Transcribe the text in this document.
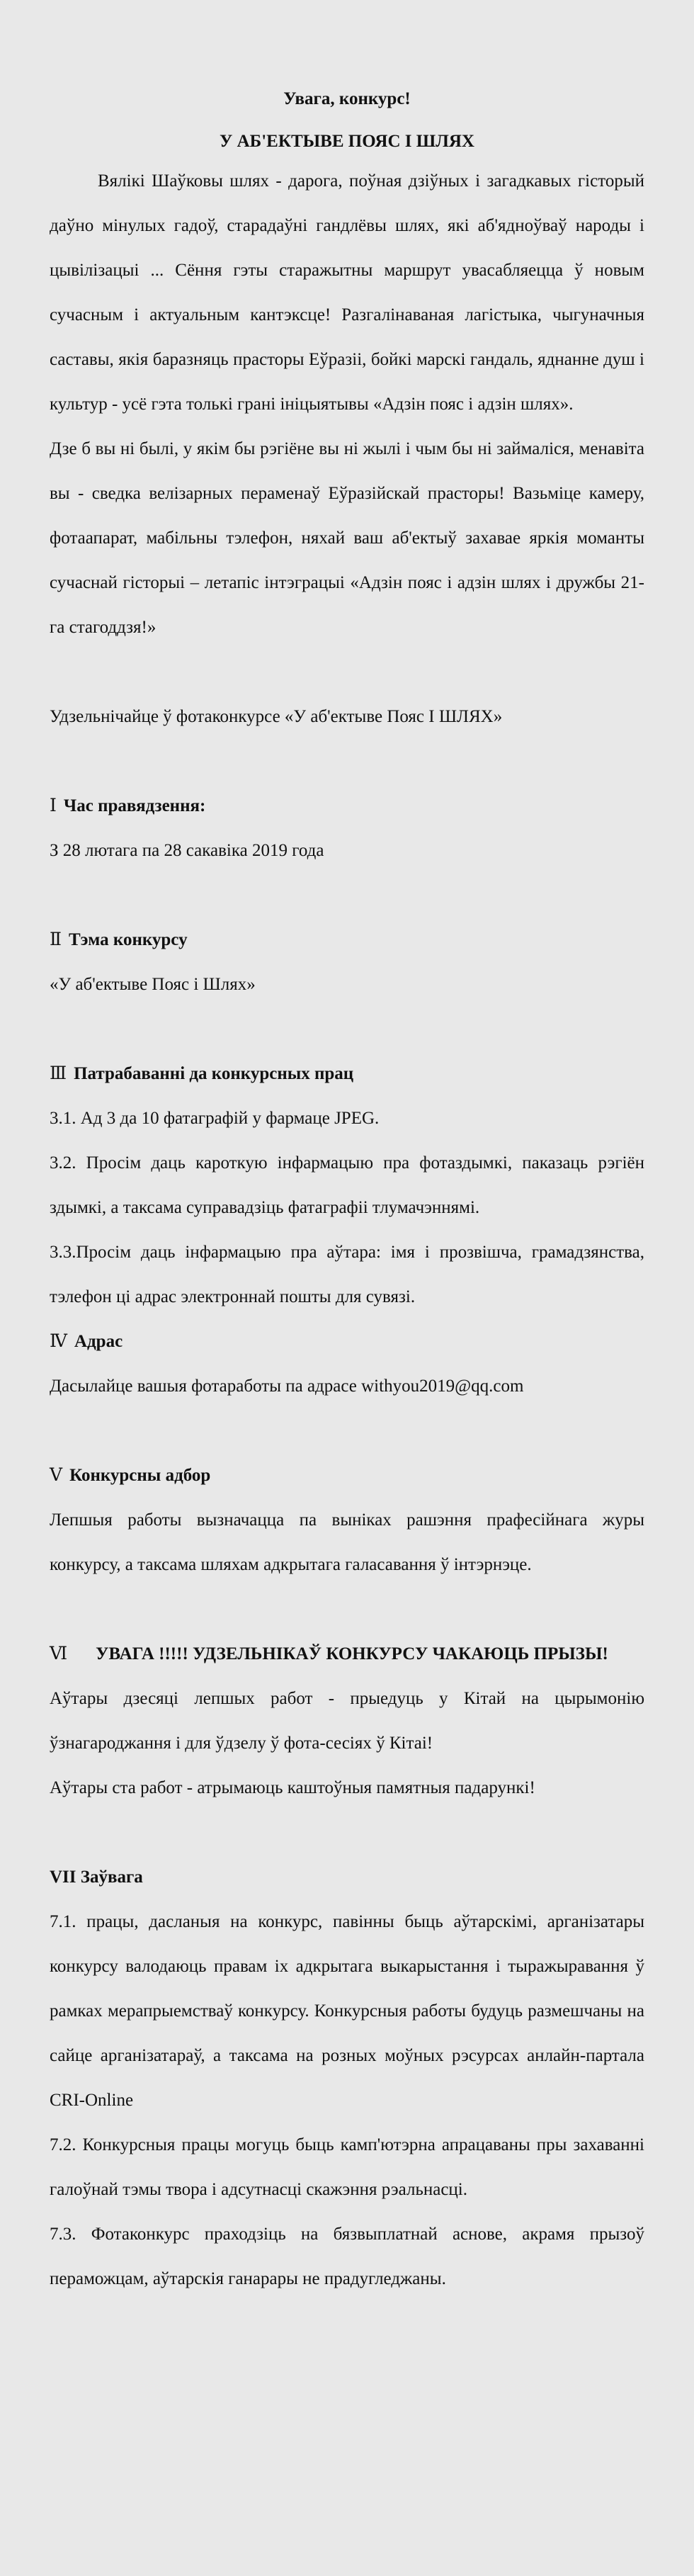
Увага, конкурс!
У АБ'ЕКТЫВЕ ПОЯС І ШЛЯХ

Вялікі Шаўковы шлях - дарога, поўная дзіўных і загадкавых гісторый даўно мінулых гадоў, старадаўні гандлёвы шлях, які аб'ядноўваў народы і цывілізацыі ... Сёння гэты старажытны маршрут увасабляецца ў новым сучасным і актуальным кантэксце! Разгалінаваная лагістыка, чыгуначныя саставы, якія баразняць прасторы Еўразіі, бойкі марскі гандаль, яднанне душ і культур - усё гэта толькі грані ініцыятывы «Адзін пояс і адзін шлях».

Дзе б вы ні былі, у якім бы рэгіёне вы ні жылі і чым бы ні займаліся, менавіта вы - сведка велізарных пераменаў Еўразійскай прасторы! Вазьміце камеру, фотаапарат, мабільны тэлефон, няхай ваш аб'ектыў захавае яркія моманты сучаснай гісторыі – летапіс інтэграцыі «Адзін пояс і адзін шлях і дружбы 21-га стагоддзя!»

Удзельнічайце ў фотаконкурсе «У аб'ектыве Пояс І ШЛЯХ»

Ⅰ Час правядзення:

З 28 лютага па 28 сакавіка 2019 года

Ⅱ Тэма конкурсу

«У аб'ектыве Пояс і Шлях»

Ⅲ Патрабаванні да конкурсных прац

3.1. Ад 3 да 10 фатаграфій у фармаце JPEG.

3.2. Просім даць кароткую інфармацыю пра фотаздымкі, паказаць рэгіён здымкі, а таксама суправадзіць фатаграфіі тлумачэннямі.

3.3.Просім даць інфармацыю пра аўтара: імя і прозвішча, грамадзянства, тэлефон ці адрас электроннай пошты для сувязі.

Ⅳ Адрас

Дасылайце вашыя фотаработы па адрасе withyou2019@qq.com

Ⅴ Конкурсны адбор

Лепшыя работы вызначацца па выніках рашэння прафесійнага журы конкурсу, а таксама шляхам адкрытага галасавання ў інтэрнэце.

Ⅵ УВАГА !!!!! УДЗЕЛЬНІКАЎ КОНКУРСУ ЧАКАЮЦЬ ПРЫЗЫ!

Аўтары дзесяці лепшых работ - прыедуць у Кітай на цырымонію ўзнагароджання і для ўдзелу ў фота-сесіях ў Кітаі!

Аўтары ста работ - атрымаюць каштоўныя памятныя падарункі!

VII Заўвага

7.1. працы, дасланыя на конкурс, павінны быць аўтарскімі, арганізатары конкурсу валодаюць правам іх адкрытага выкарыстання і тыражыравання ў рамках мерапрыемстваў конкурсу. Конкурсныя работы будуць размешчаны на сайце арганізатараў, а таксама на розных моўных рэсурсах анлайн-партала CRI-Online

7.2. Конкурсныя працы могуць быць камп'ютэрна апрацаваны пры захаванні галоўнай тэмы твора і адсутнасці скажэння рэальнасці.

7.3. Фотаконкурс праходзіць на бязвыплатнай аснове, акрамя прызоў пераможцам, аўтарскія ганарары не прадугледжаны.
